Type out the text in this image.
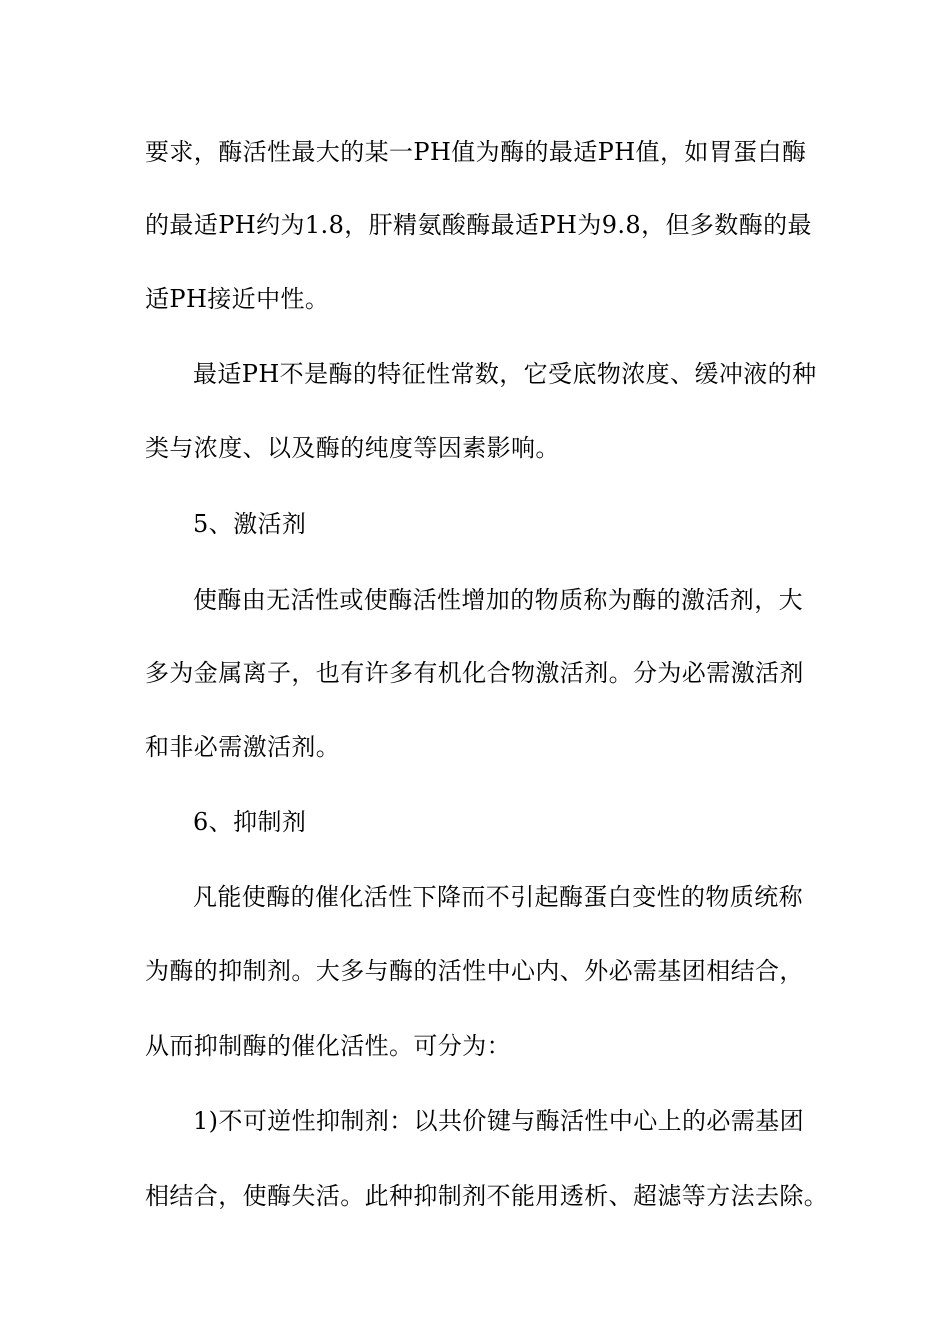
要求，酶活性最大的某一PH值为酶的最适PH值，如胃蛋白酶
的最适PH约为1.8，肝精氨酸酶最适PH为9.8，但多数酶的最
适PH接近中性。
最适PH不是酶的特征性常数，它受底物浓度、缓冲液的种
类与浓度、以及酶的纯度等因素影响。
5、激活剂
使酶由无活性或使酶活性增加的物质称为酶的激活剂，大
多为金属离子，也有许多有机化合物激活剂。分为必需激活剂
和非必需激活剂。
6、抑制剂
凡能使酶的催化活性下降而不引起酶蛋白变性的物质统称
为酶的抑制剂。大多与酶的活性中心内、外必需基团相结合，
从而抑制酶的催化活性。可分为：
1)不可逆性抑制剂：以共价键与酶活性中心上的必需基团
相结合，使酶失活。此种抑制剂不能用透析、超滤等方法去除。
